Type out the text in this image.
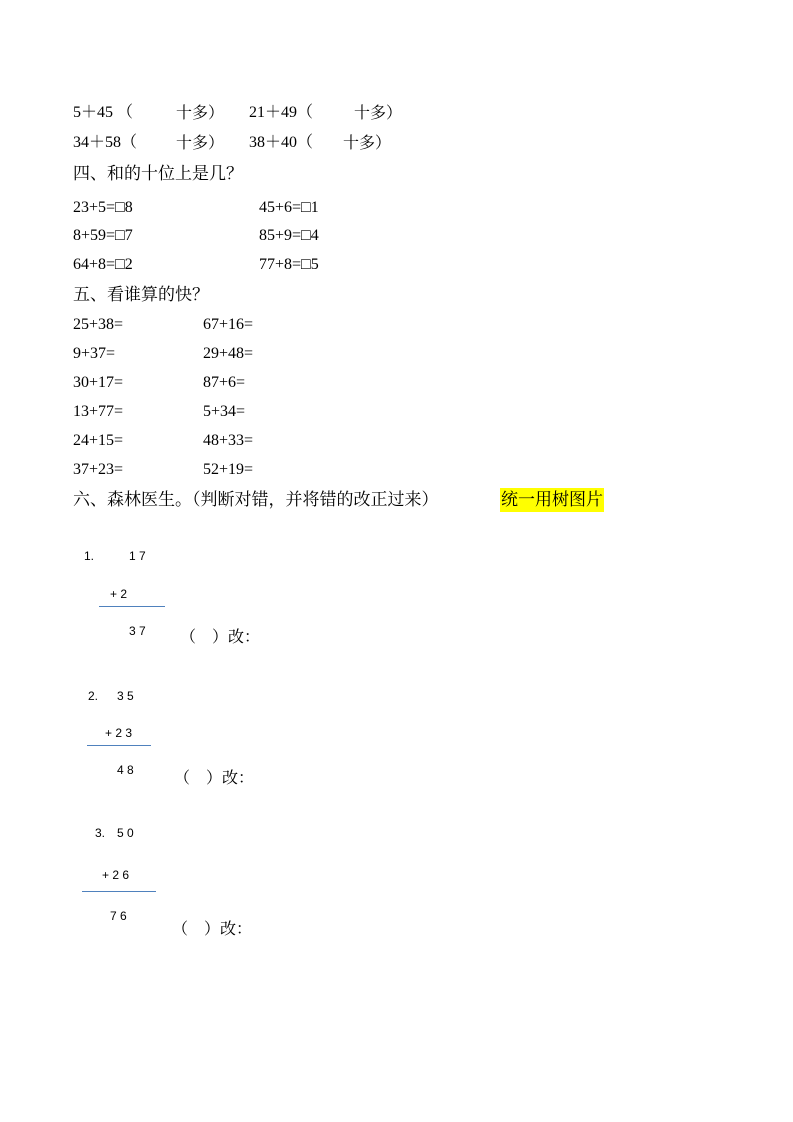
5＋45 （	十多） 21＋49（	十多）
34＋58（ 十多） 38＋40（ 十多）
四、和的十位上是几？
23+5=□8	45+6=□1
8+59=□7	85+9=□4
64+8=□2	77+8=□5
五、看谁算的快？
25+38=	67+16=
9+37=	29+48=
30+17=	87+6=
13+77=	5+34=
24+15=	48+33=
37+23=	52+19=
六、森林医生。（判断对错，并将错的改正过来）	统一用树图片
1.	1 7
+ 2
3 7 （　）改：
2. 3 5
+ 2 3
4 8	（　）改：
3. 5 0
+ 2 6
7 6
（　）改：
